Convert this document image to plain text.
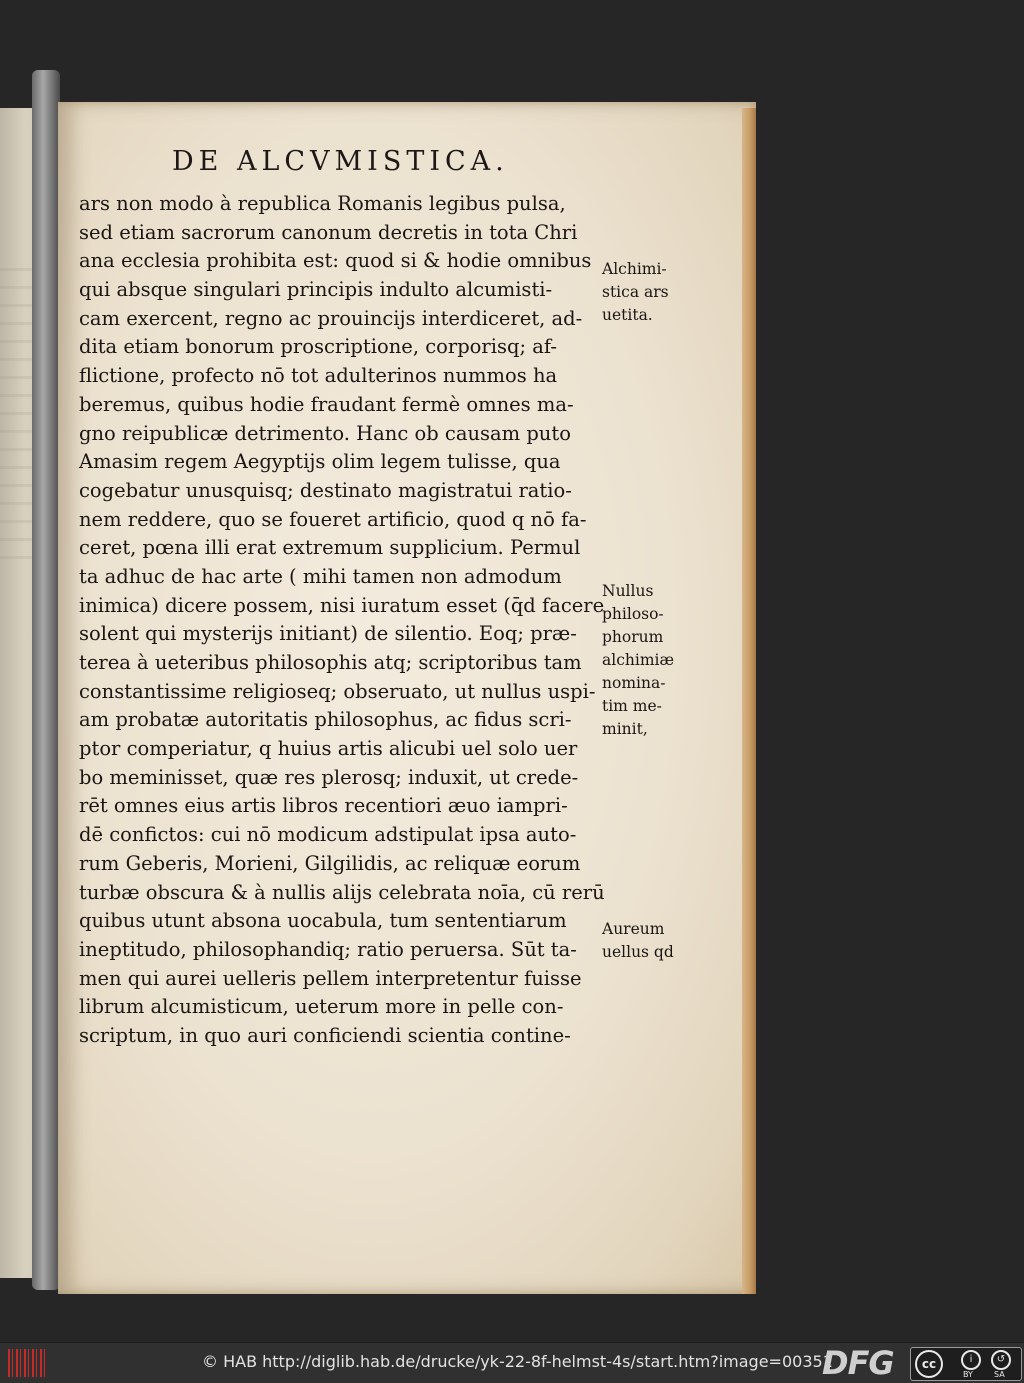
DE ALCVMISTICA.
ars non modo à republica Romanis legibus pulsa,
sed etiam sacrorum canonum decretis in tota Chri
ana ecclesia prohibita est: quod si & hodie omnibus
qui absque singulari principis indulto alcumisti-
cam exercent, regno ac prouincijs interdiceret, ad-
dita etiam bonorum proscriptione, corporisq; af-
flictione, profecto nō tot adulterinos nummos ha
beremus, quibus hodie fraudant fermè omnes ma-
gno reipublicæ detrimento. Hanc ob causam puto
Amasim regem Aegyptijs olim legem tulisse, qua
cogebatur unusquisq; destinato magistratui ratio-
nem reddere, quo se foueret artificio, quod q nō fa-
ceret, pœna illi erat extremum supplicium. Permul
ta adhuc de hac arte ( mihi tamen non admodum
inimica) dicere possem, nisi iuratum esset (q̄d facere
solent qui mysterijs initiant) de silentio. Eoq; præ-
terea à ueteribus philosophis atq; scriptoribus tam
constantissime religioseq; obseruato, ut nullus uspi-
am probatæ autoritatis philosophus, ac fidus scri-
ptor comperiatur, q huius artis alicubi uel solo uer
bo meminisset, quæ res plerosq; induxit, ut crede-
rēt omnes eius artis libros recentiori æuo iampri-
dē confictos: cui nō modicum adstipulat ipsa auto-
rum Geberis, Morieni, Gilgilidis, ac reliquæ eorum
turbæ obscura & à nullis alijs celebrata noīa, cū rerū
quibus utunt absona uocabula, tum sententiarum
ineptitudo, philosophandiq; ratio peruersa. Sūt ta-
men qui aurei uelleris pellem interpretentur fuisse
librum alcumisticum, ueterum more in pelle con-
scriptum, in quo auri conficiendi scientia contine-
Alchimi-
stica ars
uetita.
Nullus
philoso-
phorum
alchimiæ
nomina-
tim me-
minit,
Aureum
uellus qd
© HAB http://diglib.hab.de/drucke/yk-22-8f-helmst-4s/start.htm?image=00351
DFG	cc	i	↺
BY	SA
